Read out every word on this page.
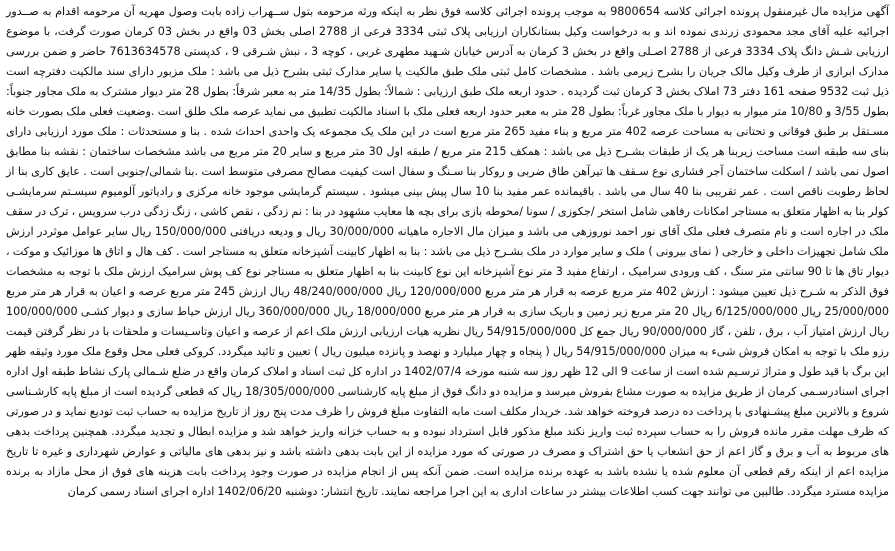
آگهی مزایده مال غیرمنقول پرونده اجرائی کلاسه 9800654 به موجب پرونده اجرائی کلاسه فوق نظر به اینکه ورثه مرحومه بتول ســهراب زاده بابت وصول مهریه آن مرحومه اقدام به صــدور اجرائیه علیه آقای مجد محمودی زرندی نموده اند و به درخواست وکیل بستانکاران ارزیابی پلاک ثبتی 3334 فرعی از 2788 اصلی بخش 03 واقع در بخش 03 کرمان صورت گرفت، با موضوع ارزیابی شـش دانگ پلاک 3334 فرعی از 2788 اصـلی واقع در بخش 3 کرمان به آدرس خیابان شـهید مطهری غربی ، کوچه 3 ، نبش شـرقی 9 ، کدپستی 7613634578 حاضر و ضمن بررسی مدارک ابرازی از طرف وکیل مالک جریان را بشرح زیرمی باشد . مشخصات کامل ثبتی ملک طبق مالکیت یا سایر مدارک ثبتی بشرح ذیل می باشد : ملک مزبور دارای سند مالکیت دفترچه است ذیل ثبت 9532 صفحه 161 دفتر 73 املاک بخش 3 کرمان ثبت گردیده . حدود اربعه ملک طبق ارزیابی : شمالاً: بطول 14/35 متر به معبر شرقاً: بطول 28 متر دیوار مشترک به ملک مجاور جنوباً: بطول 3/55 و 10/80 متر میوار به دیوار با ملک مجاور غرباً: بطول 28 متر به معبر حدود اربعه فعلی ملک با اسناد مالکیت تطبیق می نماید عرصه ملک طلق است .وضعیت فعلی ملک بصورت خانه مسـتقل بر طبق فوقانی و تحتانی به مساحت عرصه 402 متر مربع و بناء مفید 265 متر مربع است در این ملک یک مجموعه یک واحدی احداث شده . بنا و مستحدثات : ملک مورد ارزیابی دارای بنای سه طبقه است مساحت زیربنا هر یک از طبقات بشـرح ذیل می باشد : همکف 215 متر مربع / طبقه اول 30 متر مربع و سایر 20 متر مربع می باشد مشخصات ساختمان : نقشه بنا مطابق اصول نمی باشد / اسکلت ساختمان آجر فشاری نوع سـقف ها تیرآهن طاق ضربی و روکار بنا سـنگ و سفال است کیفیت مصالح مصرفی متوسط است .بنا شمالی/جنوبی است . عایق کاری بنا از لحاظ رطوبت ناقص است . عمر تقریبی بنا 40 سال می باشد . باقیمانده عمر مفید بنا 10 سال پیش بینی میشود . سیستم گرمایشی موجود خانه مرکزی و رادیاتور آلومیوم سیسـتم سرمایشـی کولر بنا به اظهار متعلق به مستاجر امکانات رفاهی شامل استخر /جکوزی / سونا /محوطه بازی برای بچه ها معایب مشهود در بنا : نم زدگی ، نقص کاشی ، زنگ زدگی درب سرویس ، ترک در سقف ملک در اجاره است و نام متصرف فعلی ملک آقای نور احمد نوروزهی می باشد و میزان مال الاجاره ماهیانه 30/000/000 ریال و ودیعه دریافتی 150/000/000 ریال سایر عوامل موثردر ارزش ملک شامل تجهیزات داخلی و خارجی ( نمای بیرونی ) ملک و سایر موارد در ملک بشـرح ذیل می باشد : بنا به اظهار کابینت آشپزخانه متعلق به مستاجر است . کف هال و اتاق ها موزائیک و موکت ، دیوار تاق ها تا 90 سانتی متر سنگ ، کف ورودی سرامیک ، ارتفاع مفید 3 متر نوع آشپزخانه این نوع کابینت بنا به اظهار متعلق به مستاجر نوع کف پوش سرامیک ارزش ملک با توجه به مشخصات فوق الذکر به شـرح ذیل تعیین میشود : ارزش 402 متر مربع عرصه به قرار هر متر مربع 120/000/000 ریال 48/240/000/000 ریال ارزش 245 متر مربع عرصه و اعیان به قرار هر متر مربع 25/000/000 ریال 6/125/000/000 ریال 20 متر مربع زیر زمین و باریک سازی به قرار هر متر مربع 18/000/000 ریال 360/000/000 ریال ارزش حیاط سازی و دیوار کشـی 100/000/000 ریال ارزش امتیاز آب ، برق ، تلفن ، گاز 90/000/000 ریال جمع کل 54/915/000/000 ریال نظریه هیات ارزیابی ارزش ملک اعم از عرصه و اعیان وتاسـیسات و ملحقات با در نظر گرفتن قیمت رزو ملک با توجه به امکان فروش شیء به میزان 54/915/000/000 ریال ( پنجاه و چهار میلیارد و نهصد و پانزده میلیون ریال ) تعیین و تائید میگردد. کروکی فعلی محل وقوع ملک مورد وثیقه ظهر این برگ با قید طول و متراژ ترسـیم شده است از ساعت 9 الی 12 ظهر روز سه شنبه مورخه 1402/07/4 در اداره کل ثبت اسناد و املاک کرمان واقع در ضلع شـمالی پارک نشاط طبقه اول اداره اجرای اسنادرسـمی کرمان از طریق مزایده به صورت مشاع بفروش میرسد و مزایده دو دانگ فوق از مبلغ پایه کارشناسی 18/305/000/000 ریال که قطعی گردیده است از مبلغ پایه کارشـناسی شروع و بالاترین مبلغ پیشـنهادی با پرداخت ده درصد فروخته خواهد شد. خریدار مکلف است مابه التفاوت مبلغ فروش را ظرف مدت پنج روز از تاریخ مزایده به حساب ثبت تودیع نماید و در صورتی که ظرف مهلت مقرر مانده فروش را به حساب سپرده ثبت واریز نکند مبلغ مذکور قابل استرداد نبوده و به حساب خزانه واریز خواهد شد و مزایده ابطال و تجدید میگردد. همچنین پرداخت بدهی های مربوط به آب و برق و گاز اعم از حق انشعاب یا حق اشتراک و مصرف در صورتی که مورد مزایده از این بابت بدهی داشته باشد و نیز بدهی های مالیاتی و عوارض شهرداری و غیره تا تاریخ مزایده اعم از اینکه رقم قطعی آن معلوم شده یا نشده باشد به عهده برنده مزایده است. ضمن آنکه پس از انجام مزایده در صورت وجود پرداخت بابت هزینه های فوق از محل مازاد به برنده مزایده مسترد میگردد. طالبین می توانند جهت کسب اطلاعات بیشتر در ساعات اداری به این اجرا مراجعه نمایند. تاریخ انتشار: دوشنبه 1402/06/20 اداره اجرای اسناد رسمی کرمان
